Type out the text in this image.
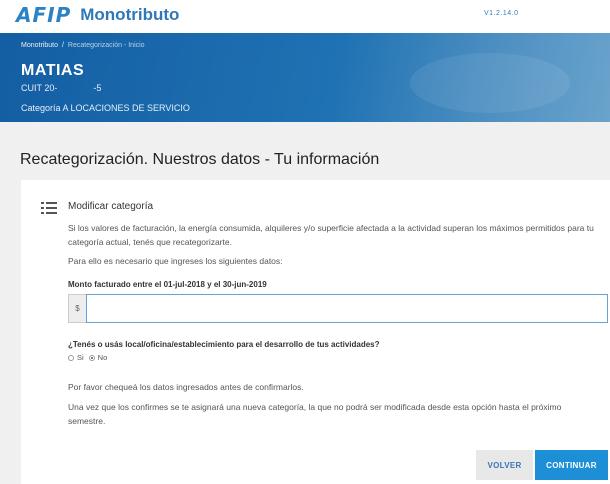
AFIP Monotributo	V1.2.14.0
Monotributo / Recategorización - Inicio
MATIAS
CUIT 20-	-5
Categoría A LOCACIONES DE SERVICIO
Recategorización. Nuestros datos - Tu información
Modificar categoría
Si los valores de facturación, la energía consumida, alquileres y/o superficie afectada a la actividad superan los máximos permitidos para tu categoría actual, tenés que recategorizarte.
Para ello es necesario que ingreses los siguientes datos:
Monto facturado entre el 01-jul-2018 y el 30-jun-2019
$
¿Tenés o usás local/oficina/establecimiento para el desarrollo de tus actividades?
Si No
Por favor chequeá los datos ingresados antes de confirmarlos.
Una vez que los confirmes se te asignará una nueva categoría, la que no podrá ser modificada desde esta opción hasta el próximo semestre.
VOLVER	CONTINUAR
